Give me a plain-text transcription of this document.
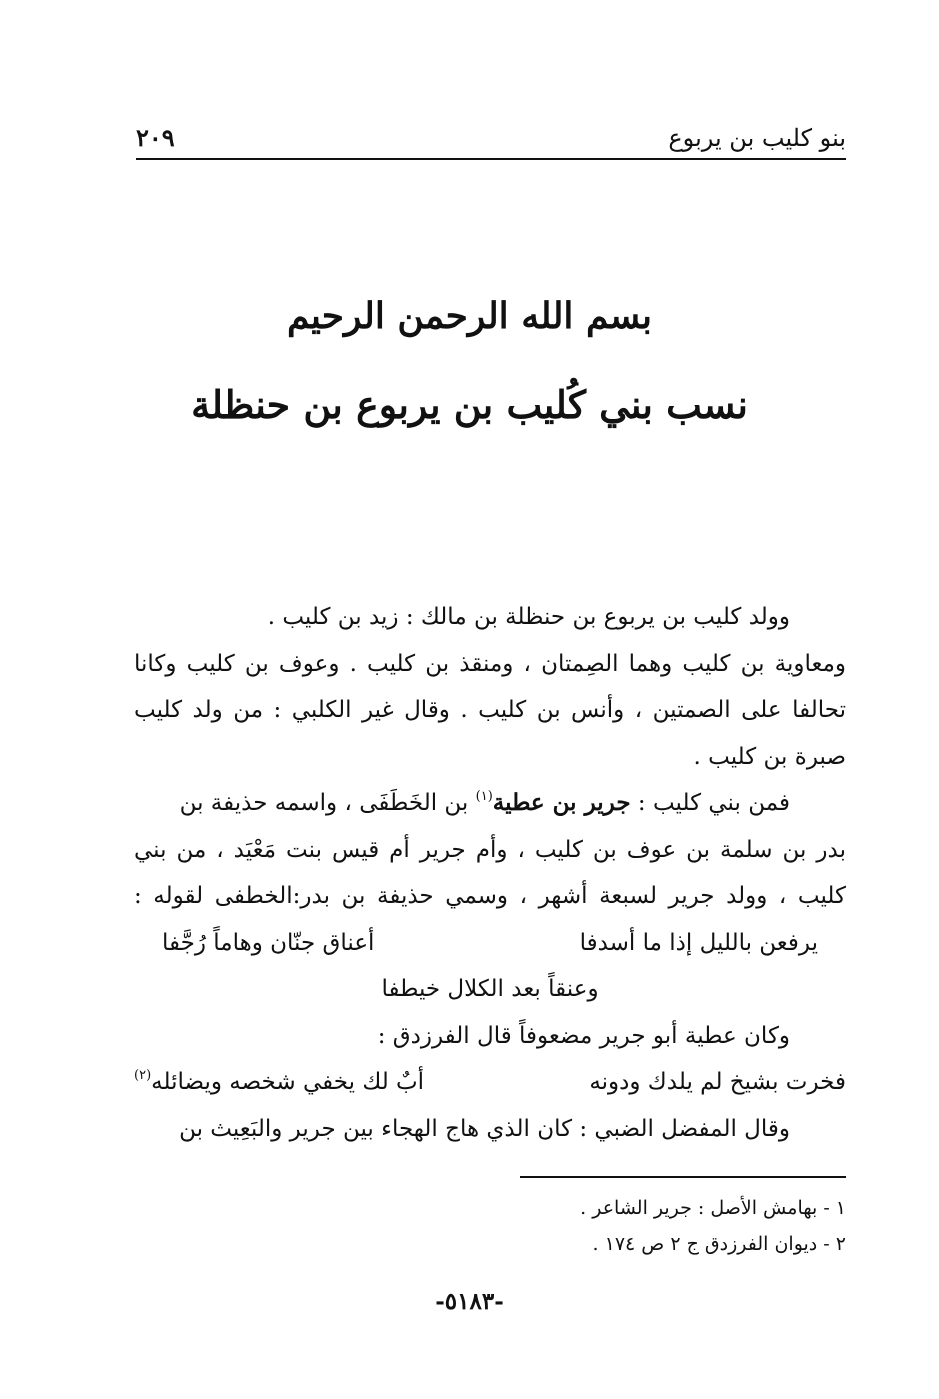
بنو كليب بن يربوع
٢٠٩
بسم الله الرحمن الرحيم
نسب بني كُليب بن يربوع بن حنظلة
وولد كليب بن يربوع بن حنظلة بن مالك : زيد بن كليب .
ومعاوية بن كليب وهما الصِمتان ، ومنقذ بن كليب . وعوف بن كليب وكانا
تحالفا على الصمتين ، وأنس بن كليب . وقال غير الكلبي : من ولد كليب
صبرة بن كليب .
فمن بني كليب : جرير بن عطية$^{(١)}$ بن الخَطَفَى ، واسمه حذيفة بن
بدر بن سلمة بن عوف بن كليب ، وأم جرير أم قيس بنت مَعْيَد ، من بني
كليب ، وولد جرير لسبعة أشهر ، وسمي حذيفة بن بدر:الخطفى لقوله :
يرفعن بالليل إذا ما أسدفا
أعناق جنّان وهاماً رُجَّفا
وعنقاً بعد الكلال خيطفا
وكان عطية أبو جرير مضعوفاً قال الفرزدق :
فخرت بشيخ لم يلدك ودونه
أبٌ لك يخفي شخصه ويضائله$^{(٢)}$
وقال المفضل الضبي : كان الذي هاج الهجاء بين جرير والبَعِيث بن
١ - بهامش الأصل : جرير الشاعر .
٢ - ديوان الفرزدق ج ٢ ص ١٧٤ .
-٥١٨٣-
